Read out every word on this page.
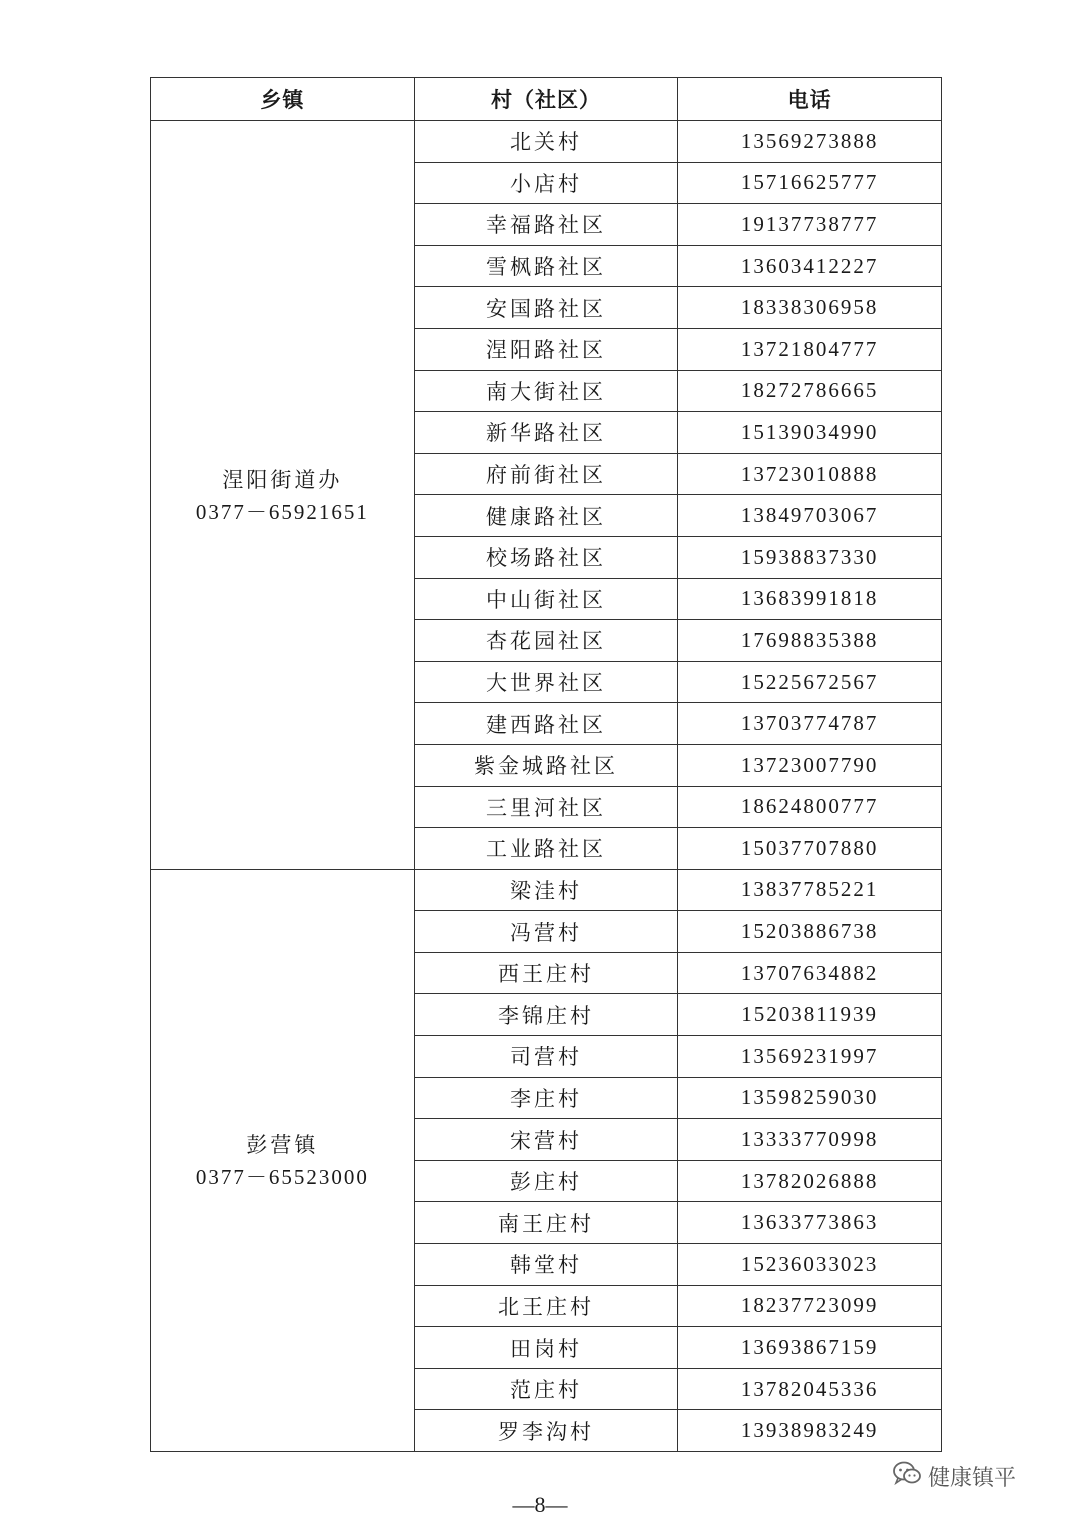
乡镇	村（社区）	电话

涅阳街道办
0377－65921651	北关村	13569273888
	小店村	15716625777
	幸福路社区	19137738777
	雪枫路社区	13603412227
	安国路社区	18338306958
	涅阳路社区	13721804777
	南大街社区	18272786665
	新华路社区	15139034990
	府前街社区	13723010888
	健康路社区	13849703067
	校场路社区	15938837330
	中山街社区	13683991818
	杏花园社区	17698835388
	大世界社区	15225672567
	建西路社区	13703774787
	紫金城路社区	13723007790
	三里河社区	18624800777
	工业路社区	15037707880

彭营镇
0377－65523000	梁洼村	13837785221
	冯营村	15203886738
	西王庄村	13707634882
	李锦庄村	15203811939
	司营村	13569231997
	李庄村	13598259030
	宋营村	13333770998
	彭庄村	13782026888
	南王庄村	13633773863
	韩堂村	15236033023
	北王庄村	18237723099
	田岗村	13693867159
	范庄村	13782045336
	罗李沟村	13938983249
健康镇平
—8—
